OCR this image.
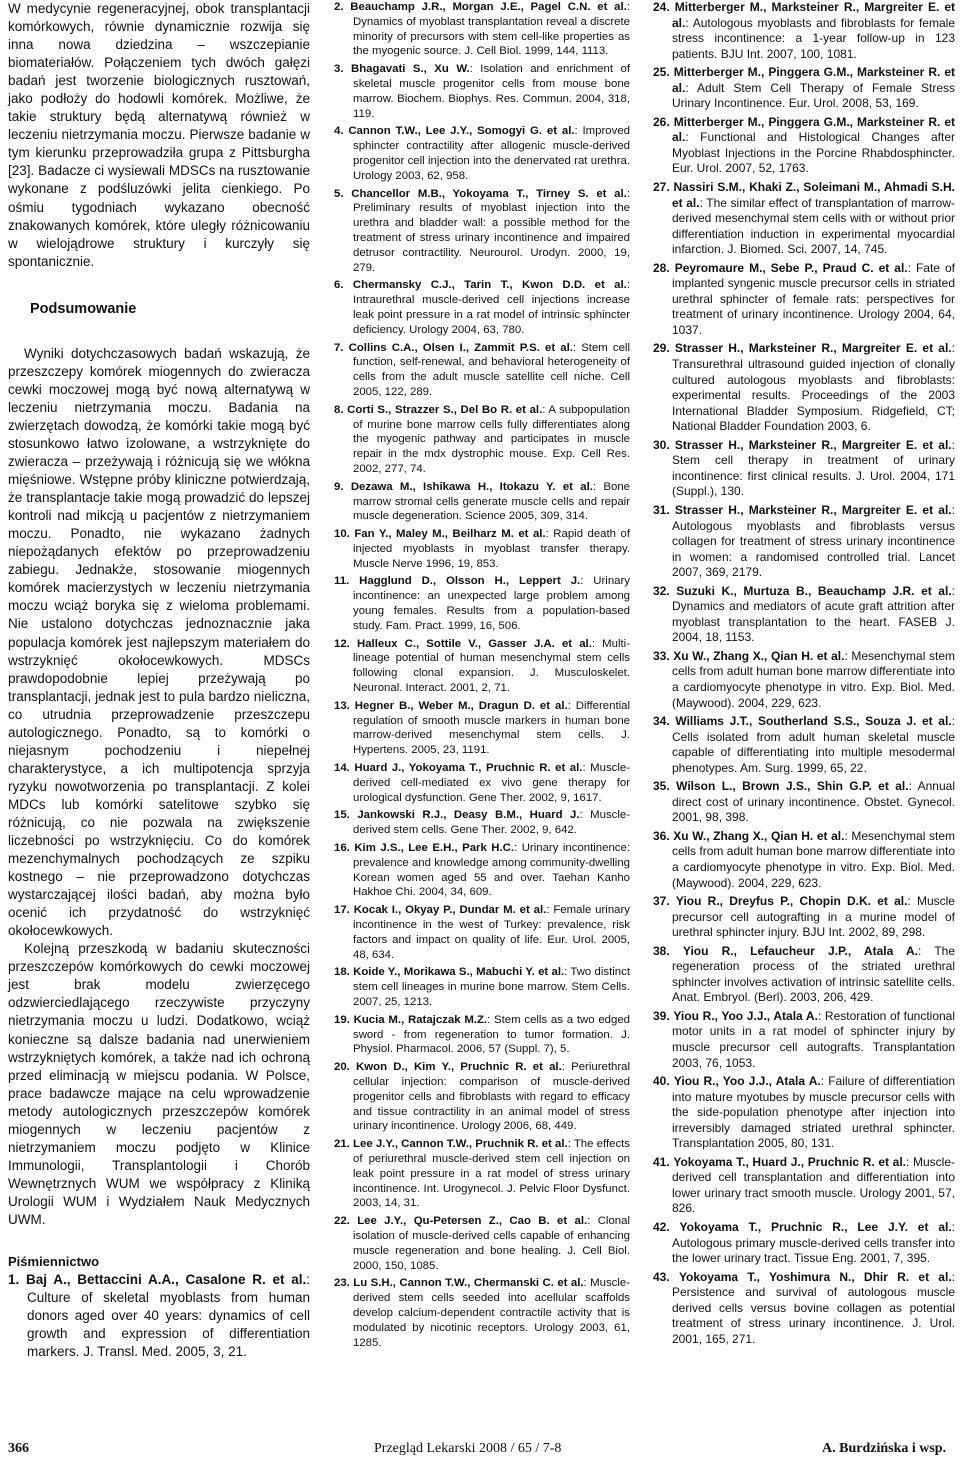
W medycynie regeneracyjnej, obok transplantacji komórkowych, równie dynamicznie rozwija się inna nowa dziedzina – wszczepianie biomateriałów. Połączeniem tych dwóch gałęzi badań jest tworzenie biologicznych rusztowań, jako podłoży do hodowli komórek. Możliwe, że takie struktury będą alternatywą również w leczeniu nietrzymania moczu. Pierwsze badanie w tym kierunku przeprowadziła grupa z Pittsburgha [23]. Badacze ci wysiewali MDSCs na rusztowanie wykonane z podśluzówki jelita cienkiego. Po ośmiu tygodniach wykazano obecność znakowanych komórek, które uległy różnicowaniu w wielojądrowe struktury i kurczyły się spontanicznie.

Podsumowanie

Wyniki dotychczasowych badań wskazują, że przeszczepy komórek miogennych do zwieracza cewki moczowej mogą być nową alternatywą w leczeniu nietrzymania moczu. Badania na zwierzętach dowodzą, że komórki takie mogą być stosunkowo łatwo izolowane, a wstrzyknięte do zwieracza – przeżywają i różnicują się we włókna mięśniowe. Wstępne próby kliniczne potwierdzają, że transplantacje takie mogą prowadzić do lepszej kontroli nad mikcją u pacjentów z nietrzymaniem moczu. Ponadto, nie wykazano żadnych niepożądanych efektów po przeprowadzeniu zabiegu. Jednakże, stosowanie miogennych komórek macierzystych w leczeniu nietrzymania moczu wciąż boryka się z wieloma problemami. Nie ustalono dotychczas jednoznacznie jaka populacja komórek jest najlepszym materiałem do wstrzyknięć okołocewkowych. MDSCs prawdopodobnie lepiej przeżywają po transplantacji, jednak jest to pula bardzo nieliczna, co utrudnia przeprowadzenie przeszczepu autologicznego. Ponadto, są to komórki o niejasnym pochodzeniu i niepełnej charakterystyce, a ich multipotencja sprzyja ryzyku nowotworzenia po transplantacji. Z kolei MDCs lub komórki satelitowe szybko się różnicują, co nie pozwala na zwiększenie liczebności po wstrzyknięciu. Co do komórek mezenchymalnych pochodzących ze szpiku kostnego – nie przeprowadzono dotychczas wystarczającej ilości badań, aby można było ocenić ich przydatność do wstrzyknięć okołocewkowych.

Kolejną przeszkodą w badaniu skuteczności przeszczepów komórkowych do cewki moczowej jest brak modelu zwierzęcego odzwierciedlającego rzeczywiste przyczyny nietrzymania moczu u ludzi. Dodatkowo, wciąż konieczne są dalsze badania nad unerwieniem wstrzykniętych komórek, a także nad ich ochroną przed eliminacją w miejscu podania. W Polsce, prace badawcze mające na celu wprowadzenie metody autologicznych przeszczepów komórek miogennych w leczeniu pacjentów z nietrzymaniem moczu podjęto w Klinice Immunologii, Transplantologii i Chorób Wewnętrznych WUM we współpracy z Kliniką Urologii WUM i Wydziałem Nauk Medycznych UWM.

Piśmiennictwo

1. Baj A., Bettaccini A.A., Casalone R. et al.: Culture of skeletal myoblasts from human donors aged over 40 years: dynamics of cell growth and expression of differentiation markers. J. Transl. Med. 2005, 3, 21.

2. Beauchamp J.R., Morgan J.E., Pagel C.N. et al.: Dynamics of myoblast transplantation reveal a discrete minority of precursors with stem cell-like properties as the myogenic source. J. Cell Biol. 1999, 144, 1113.

3. Bhagavati S., Xu W.: Isolation and enrichment of skeletal muscle progenitor cells from mouse bone marrow. Biochem. Biophys. Res. Commun. 2004, 318, 119.

4. Cannon T.W., Lee J.Y., Somogyi G. et al.: Improved sphincter contractility after allogenic muscle-derived progenitor cell injection into the denervated rat urethra. Urology 2003, 62, 958.

5. Chancellor M.B., Yokoyama T., Tirney S. et al.: Preliminary results of myoblast injection into the urethra and bladder wall: a possible method for the treatment of stress urinary incontinence and impaired detrusor contractility. Neurourol. Urodyn. 2000, 19, 279.

6. Chermansky C.J., Tarin T., Kwon D.D. et al.: Intraurethral muscle-derived cell injections increase leak point pressure in a rat model of intrinsic sphincter deficiency. Urology 2004, 63, 780.

7. Collins C.A., Olsen I., Zammit P.S. et al.: Stem cell function, self-renewal, and behavioral heterogeneity of cells from the adult muscle satellite cell niche. Cell 2005, 122, 289.

8. Corti S., Strazzer S., Del Bo R. et al.: A subpopulation of murine bone marrow cells fully differentiates along the myogenic pathway and participates in muscle repair in the mdx dystrophic mouse. Exp. Cell Res. 2002, 277, 74.

9. Dezawa M., Ishikawa H., Itokazu Y. et al.: Bone marrow stromal cells generate muscle cells and repair muscle degeneration. Science 2005, 309, 314.

10. Fan Y., Maley M., Beilharz M. et al.: Rapid death of injected myoblasts in myoblast transfer therapy. Muscle Nerve 1996, 19, 853.

11. Hagglund D., Olsson H., Leppert J.: Urinary incontinence: an unexpected large problem among young females. Results from a population-based study. Fam. Pract. 1999, 16, 506.

12. Halleux C., Sottile V., Gasser J.A. et al.: Multi-lineage potential of human mesenchymal stem cells following clonal expansion. J. Musculoskelet. Neuronal. Interact. 2001, 2, 71.

13. Hegner B., Weber M., Dragun D. et al.: Differential regulation of smooth muscle markers in human bone marrow-derived mesenchymal stem cells. J. Hypertens. 2005, 23, 1191.

14. Huard J., Yokoyama T., Pruchnic R. et al.: Muscle-derived cell-mediated ex vivo gene therapy for urological dysfunction. Gene Ther. 2002, 9, 1617.

15. Jankowski R.J., Deasy B.M., Huard J.: Muscle-derived stem cells. Gene Ther. 2002, 9, 642.

16. Kim J.S., Lee E.H., Park H.C.: Urinary incontinence: prevalence and knowledge among community-dwelling Korean women aged 55 and over. Taehan Kanho Hakhoe Chi. 2004, 34, 609.

17. Kocak I., Okyay P., Dundar M. et al.: Female urinary incontinence in the west of Turkey: prevalence, risk factors and impact on quality of life. Eur. Urol. 2005, 48, 634.

18. Koide Y., Morikawa S., Mabuchi Y. et al.: Two distinct stem cell lineages in murine bone marrow. Stem Cells. 2007, 25, 1213.

19. Kucia M., Ratajczak M.Z.: Stem cells as a two edged sword - from regeneration to tumor formation. J. Physiol. Pharmacol. 2006, 57 (Suppl. 7), 5.

20. Kwon D., Kim Y., Pruchnic R. et al.: Periurethral cellular injection: comparison of muscle-derived progenitor cells and fibroblasts with regard to efficacy and tissue contractility in an animal model of stress urinary incontinence. Urology 2006, 68, 449.

21. Lee J.Y., Cannon T.W., Pruchnik R. et al.: The effects of periurethral muscle-derived stem cell injection on leak point pressure in a rat model of stress urinary incontinence. Int. Urogynecol. J. Pelvic Floor Dysfunct. 2003, 14, 31.

22. Lee J.Y., Qu-Petersen Z., Cao B. et al.: Clonal isolation of muscle-derived cells capable of enhancing muscle regeneration and bone healing. J. Cell Biol. 2000, 150, 1085.

23. Lu S.H., Cannon T.W., Chermanski C. et al.: Muscle-derived stem cells seeded into acellular scaffolds develop calcium-dependent contractile activity that is modulated by nicotinic receptors. Urology 2003, 61, 1285.

24. Mitterberger M., Marksteiner R., Margreiter E. et al.: Autologous myoblasts and fibroblasts for female stress incontinence: a 1-year follow-up in 123 patients. BJU Int. 2007, 100, 1081.

25. Mitterberger M., Pinggera G.M., Marksteiner R. et al.: Adult Stem Cell Therapy of Female Stress Urinary Incontinence. Eur. Urol. 2008, 53, 169.

26. Mitterberger M., Pinggera G.M., Marksteiner R. et al.: Functional and Histological Changes after Myoblast Injections in the Porcine Rhabdosphincter. Eur. Urol. 2007, 52, 1763.

27. Nassiri S.M., Khaki Z., Soleimani M., Ahmadi S.H. et al.: The similar effect of transplantation of marrow-derived mesenchymal stem cells with or without prior differentiation induction in experimental myocardial infarction. J. Biomed. Sci. 2007, 14, 745.

28. Peyromaure M., Sebe P., Praud C. et al.: Fate of implanted syngenic muscle precursor cells in striated urethral sphincter of female rats: perspectives for treatment of urinary incontinence. Urology 2004, 64, 1037.

29. Strasser H., Marksteiner R., Margreiter E. et al.: Transurethral ultrasound guided injection of clonally cultured autologous myoblasts and fibroblasts: experimental results. Proceedings of the 2003 International Bladder Symposium. Ridgefield, CT; National Bladder Foundation 2003, 6.

30. Strasser H., Marksteiner R., Margreiter E. et al.: Stem cell therapy in treatment of urinary incontinence: first clinical results. J. Urol. 2004, 171 (Suppl.), 130.

31. Strasser H., Marksteiner R., Margreiter E. et al.: Autologous myoblasts and fibroblasts versus collagen for treatment of stress urinary incontinence in women: a randomised controlled trial. Lancet 2007, 369, 2179.

32. Suzuki K., Murtuza B., Beauchamp J.R. et al.: Dynamics and mediators of acute graft attrition after myoblast transplantation to the heart. FASEB J. 2004, 18, 1153.

33. Xu W., Zhang X., Qian H. et al.: Mesenchymal stem cells from adult human bone marrow differentiate into a cardiomyocyte phenotype in vitro. Exp. Biol. Med. (Maywood). 2004, 229, 623.

34. Williams J.T., Southerland S.S., Souza J. et al.: Cells isolated from adult human skeletal muscle capable of differentiating into multiple mesodermal phenotypes. Am. Surg. 1999, 65, 22.

35. Wilson L., Brown J.S., Shin G.P. et al.: Annual direct cost of urinary incontinence. Obstet. Gynecol. 2001, 98, 398.

36. Xu W., Zhang X., Qian H. et al.: Mesenchymal stem cells from adult human bone marrow differentiate into a cardiomyocyte phenotype in vitro. Exp. Biol. Med. (Maywood). 2004, 229, 623.

37. Yiou R., Dreyfus P., Chopin D.K. et al.: Muscle precursor cell autografting in a murine model of urethral sphincter injury. BJU Int. 2002, 89, 298.

38. Yiou R., Lefaucheur J.P., Atala A.: The regeneration process of the striated urethral sphincter involves activation of intrinsic satellite cells. Anat. Embryol. (Berl). 2003, 206, 429.

39. Yiou R., Yoo J.J., Atala A.: Restoration of functional motor units in a rat model of sphincter injury by muscle precursor cell autografts. Transplantation 2003, 76, 1053.

40. Yiou R., Yoo J.J., Atala A.: Failure of differentiation into mature myotubes by muscle precursor cells with the side-population phenotype after injection into irreversibly damaged striated urethral sphincter. Transplantation 2005, 80, 131.

41. Yokoyama T., Huard J., Pruchnic R. et al.: Muscle-derived cell transplantation and differentiation into lower urinary tract smooth muscle. Urology 2001, 57, 826.

42. Yokoyama T., Pruchnic R., Lee J.Y. et al.: Autologous primary muscle-derived cells transfer into the lower urinary tract. Tissue Eng. 2001, 7, 395.

43. Yokoyama T., Yoshimura N., Dhir R. et al.: Persistence and survival of autologous muscle derived cells versus bovine collagen as potential treatment of stress urinary incontinence. J. Urol. 2001, 165, 271.

366	Przegląd Lekarski 2008 / 65 / 7-8	A. Burdzińska i wsp.
